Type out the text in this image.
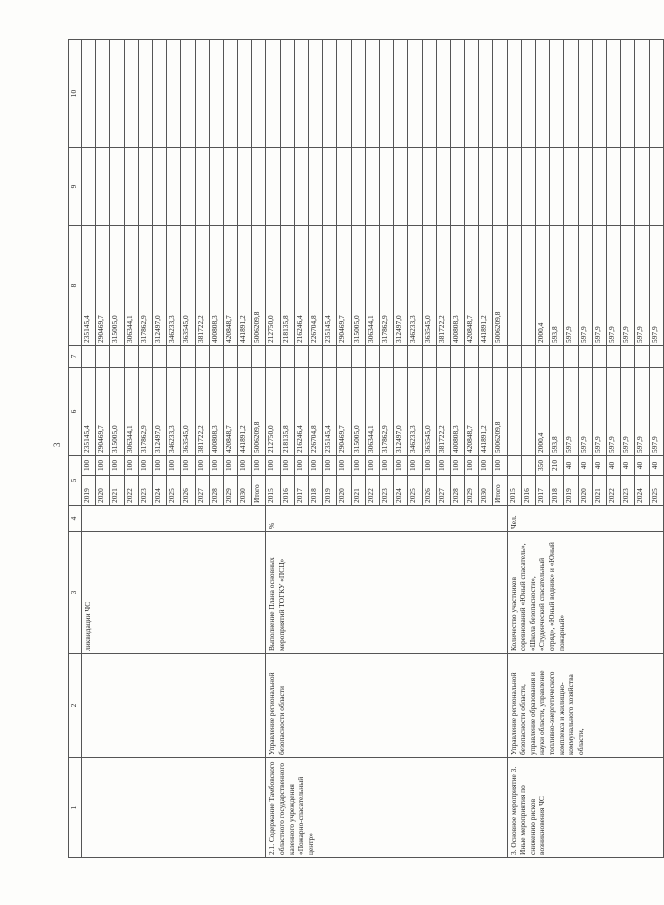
3
1	2	3	4	5		6	7	8	9	10
		ликвидации ЧС		2019	100	235145,4		235145,4		
				2020	100	290469,7		290469,7		
				2021	100	315005,0		315005,0		
				2022	100	306344,1		306344,1		
				2023	100	317862,9		317862,9		
				2024	100	312497,0		312497,0		
				2025	100	346233,3		346233,3		
				2026	100	363545,0		363545,0		
				2027	100	381722,2		381722,2		
				2028	100	400808,3		400808,3		
				2029	100	420848,7		420848,7		
				2030	100	441891,2		441891,2		
				Итого	100	5006209,8		5006209,8		
2.1. Содержание Тамбовского областного государственного казенного учреждения «Пожарно-спасательный центр»	Управление региональной безопасности области	Выполнение Плана основных мероприятий ТОГКУ «ПСЦ»	%	2015	100	212750,0		212750,0		
				2016	100	218135,8		218135,8		
				2017	100	216246,4		216246,4		
				2018	100	226704,8		226704,8		
				2019	100	235145,4		235145,4		
				2020	100	290469,7		290469,7		
				2021	100	315005,0		315005,0		
				2022	100	306344,1		306344,1		
				2023	100	317862,9		317862,9		
				2024	100	312497,0		312497,0		
				2025	100	346233,3		346233,3		
				2026	100	363545,0		363545,0		
				2027	100	381722,2		381722,2		
				2028	100	400808,3		400808,3		
				2029	100	420848,7		420848,7		
				2030	100	441891,2		441891,2		
				Итого	100	5006209,8		5006209,8		
3. Основное мероприятие 3. Иные мероприятия по снижению рисков возникновения ЧС	Управление региональной безопасности области, управление образования и науки области, управление топливно-энергетического комплекса и жилищно-коммунального хозяйства области,	Количество участников соревнований «Юный спасатель», «Школа безопасности», «Студенческий спасательный отряд», «Юный водник» и «Юный пожарный»	Чел.	2015						
				2016						
				2017	350	2000,4		2000,4		
				2018	210	593,8		593,8		
				2019	40	597,9		597,9		
				2020	40	597,9		597,9		
				2021	40	597,9		597,9		
				2022	40	597,9		597,9		
				2023	40	597,9		597,9		
				2024	40	597,9		597,9		
				2025	40	597,9		597,9		
